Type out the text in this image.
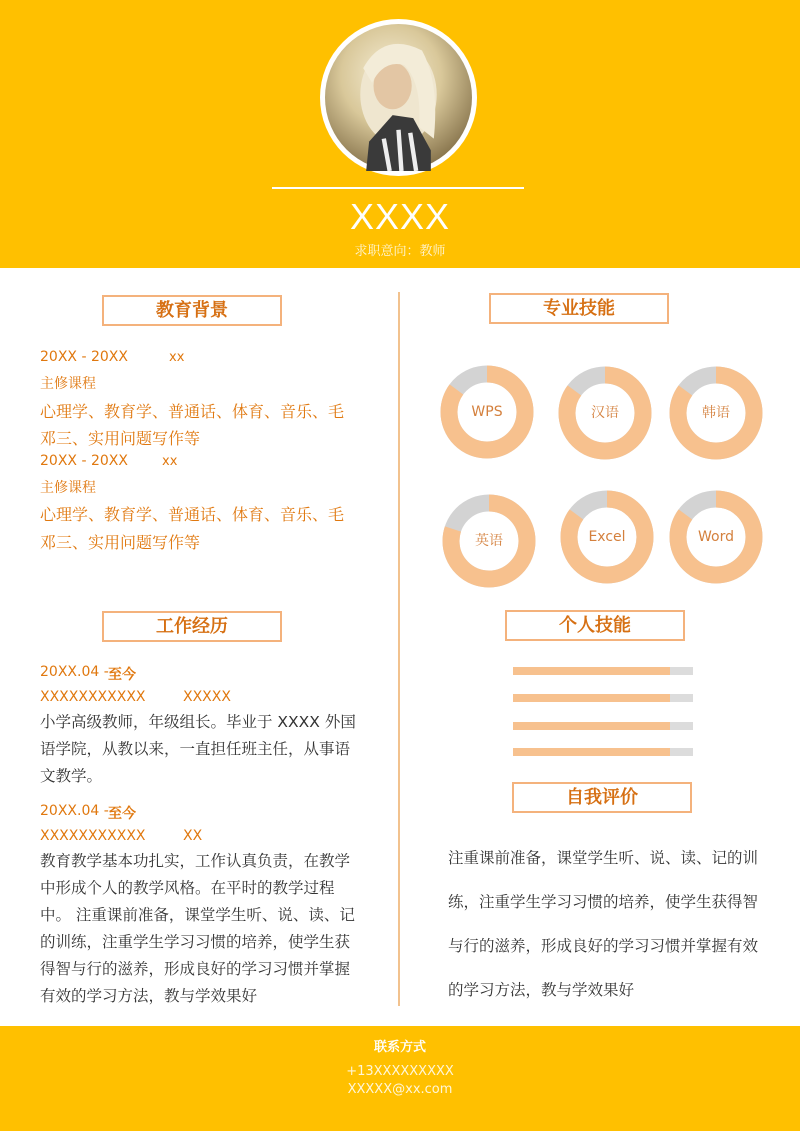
XXXX
求职意向：教师
教育背景
20XX - 20XX	xx
主修课程
心理学、教育学、普通话、体育、音乐、毛
邓三、实用问题写作等
20XX - 20XX	xx
主修课程
心理学、教育学、普通话、体育、音乐、毛
邓三、实用问题写作等
工作经历
20XX.04 - 至今
XXXXXXXXXXX	XXXXX
小学高级教师，年级组长。毕业于 XXXX 外国语学院，从教以来，一直担任班主任，从事语文教学。
20XX.04 - 至今
XXXXXXXXXXX	XX
教育教学基本功扎实，工作认真负责，在教学中形成个人的教学风格。在平时的教学过程中。 注重课前准备，课堂学生听、说、读、记的训练，注重学生学习习惯的培养，使学生获得智与行的滋养，形成良好的学习习惯并掌握有效的学习方法，教与学效果好
专业技能
WPS	汉语	韩语
英语	Excel	Word
个人技能
自我评价
注重课前准备，课堂学生听、说、读、记的训练，注重学生学习习惯的培养，使学生获得智与行的滋养，形成良好的学习习惯并掌握有效的学习方法，教与学效果好
联系方式
+13XXXXXXXXX
XXXXX@xx.com
